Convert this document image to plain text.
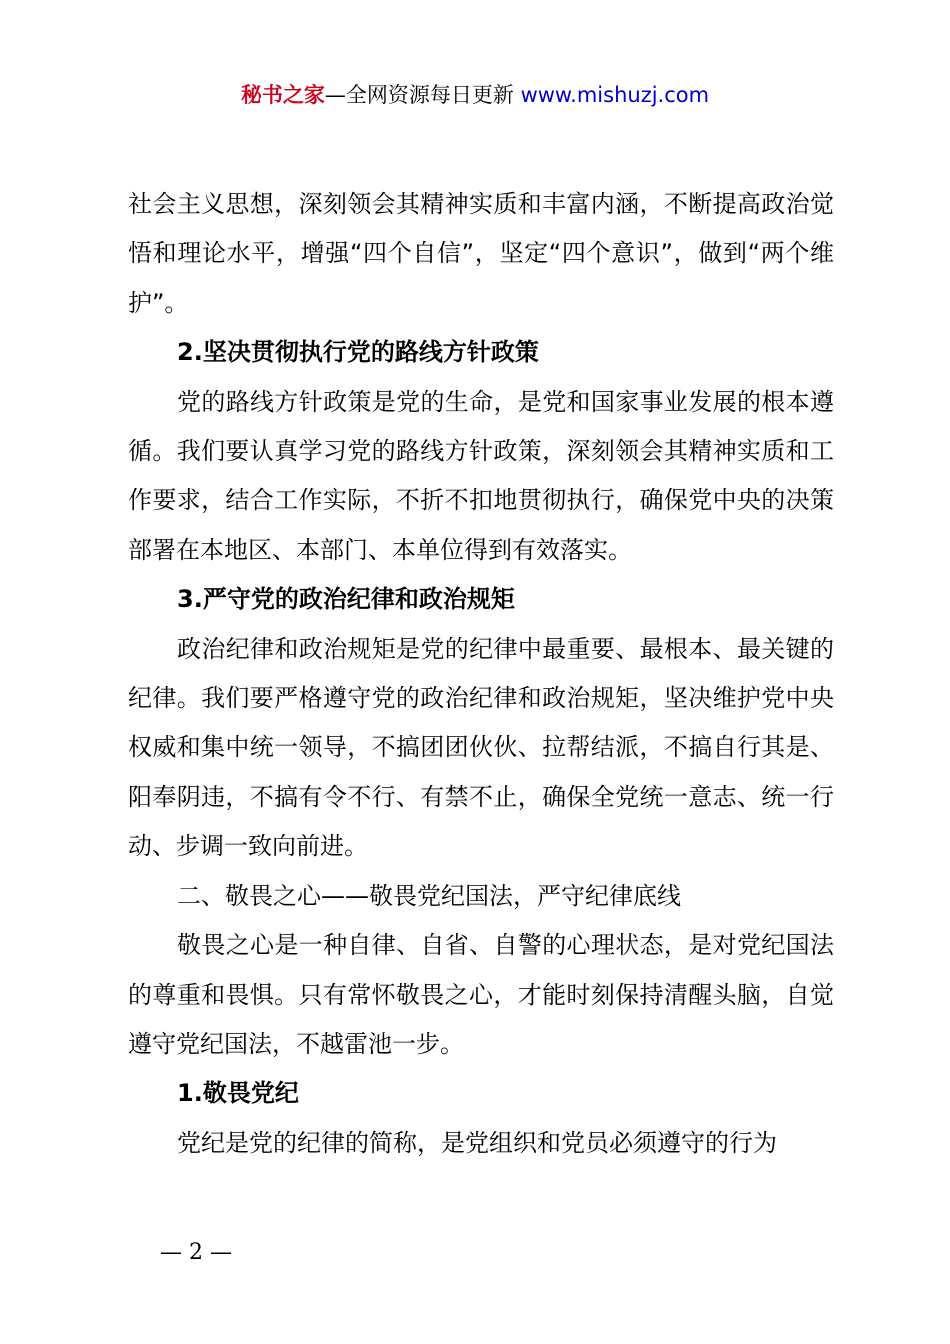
秘书之家—全网资源每日更新 www.mishuzj.com

社会主义思想，深刻领会其精神实质和丰富内涵，不断提高政治觉悟和理论水平，增强“四个自信”，坚定“四个意识”，做到“两个维护”。

2.坚决贯彻执行党的路线方针政策

党的路线方针政策是党的生命，是党和国家事业发展的根本遵循。我们要认真学习党的路线方针政策，深刻领会其精神实质和工作要求，结合工作实际，不折不扣地贯彻执行，确保党中央的决策部署在本地区、本部门、本单位得到有效落实。

3.严守党的政治纪律和政治规矩

政治纪律和政治规矩是党的纪律中最重要、最根本、最关键的纪律。我们要严格遵守党的政治纪律和政治规矩，坚决维护党中央权威和集中统一领导，不搞团团伙伙、拉帮结派，不搞自行其是、阳奉阴违，不搞有令不行、有禁不止，确保全党统一意志、统一行动、步调一致向前进。

二、敬畏之心——敬畏党纪国法，严守纪律底线

敬畏之心是一种自律、自省、自警的心理状态，是对党纪国法的尊重和畏惧。只有常怀敬畏之心，才能时刻保持清醒头脑，自觉遵守党纪国法，不越雷池一步。

1.敬畏党纪

党纪是党的纪律的简称，是党组织和党员必须遵守的行为

— 2 —
